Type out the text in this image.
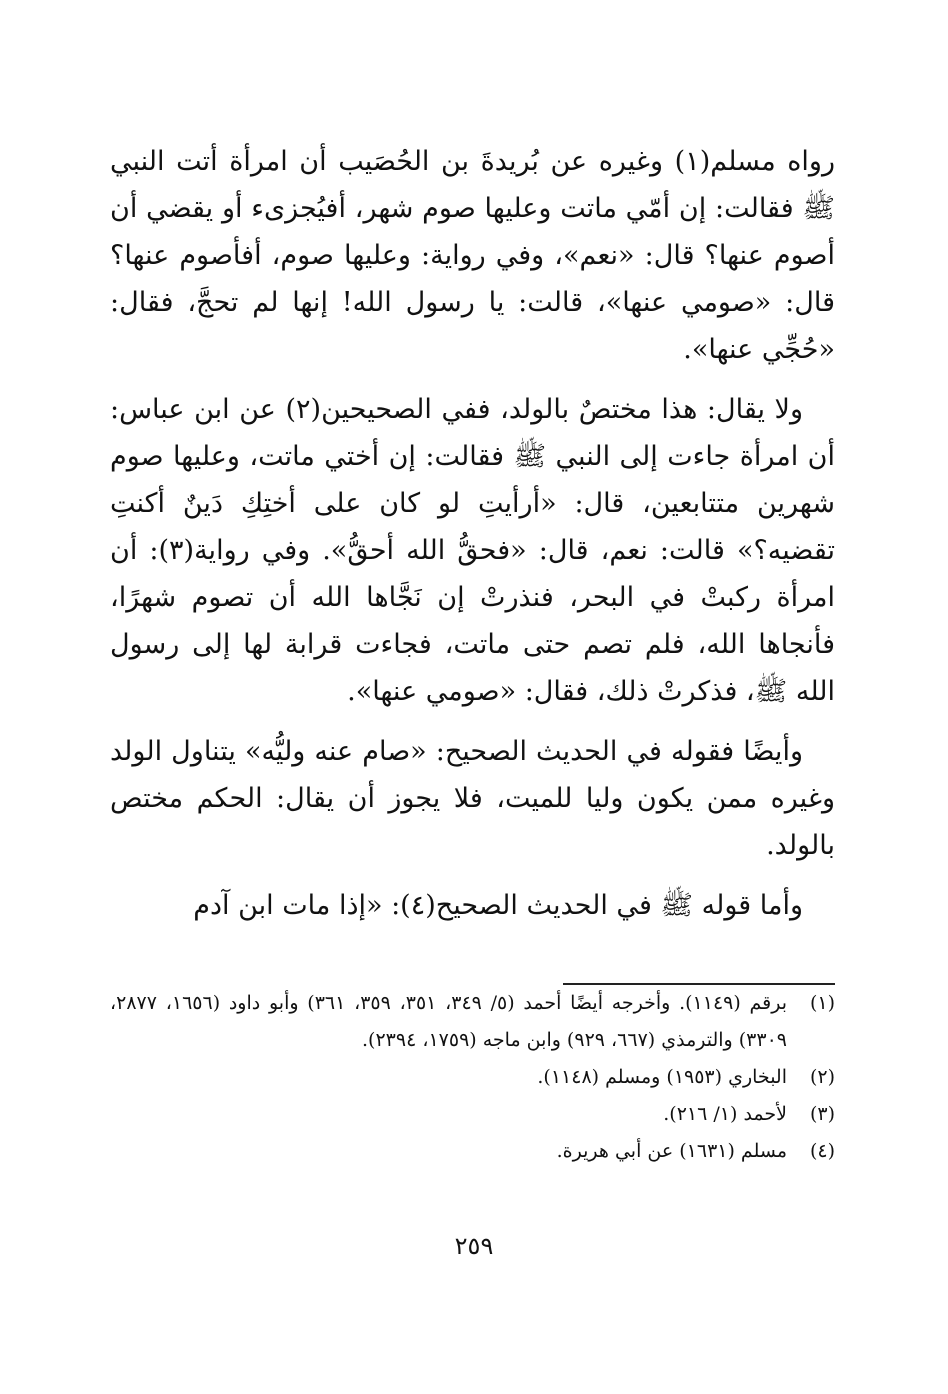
رواه مسلم(١) وغيره عن بُريدةَ بن الحُصَيب أن امرأة أتت النبي ﷺ فقالت: إن أمّي ماتت وعليها صوم شهر، أفيُجزىء أو يقضي أن أصوم عنها؟ قال: «نعم»، وفي رواية: وعليها صوم، أفأصوم عنها؟ قال: «صومي عنها»، قالت: يا رسول الله! إنها لم تحجَّ، فقال: «حُجِّي عنها».

ولا يقال: هذا مختصٌ بالولد، ففي الصحيحين(٢) عن ابن عباس: أن امرأة جاءت إلى النبي ﷺ فقالت: إن أختي ماتت، وعليها صوم شهرين متتابعين، قال: «أرأيتِ لو كان على أختِكِ دَينٌ أكنتِ تقضيه؟» قالت: نعم، قال: «فحقُّ الله أحقُّ». وفي رواية(٣): أن امرأة ركبتْ في البحر، فنذرتْ إن نَجَّاها الله أن تصوم شهرًا، فأنجاها الله، فلم تصم حتى ماتت، فجاءت قرابة لها إلى رسول الله ﷺ، فذكرتْ ذلك، فقال: «صومي عنها».

وأيضًا فقوله في الحديث الصحيح: «صام عنه وليُّه» يتناول الولد وغيره ممن يكون وليا للميت، فلا يجوز أن يقال: الحكم مختص بالولد.

وأما قوله ﷺ في الحديث الصحيح(٤): «إذا مات ابن آدم

(١)
برقم (١١٤٩). وأخرجه أيضًا أحمد (٥/ ٣٤٩، ٣٥١، ٣٥٩، ٣٦١) وأبو داود (١٦٥٦، ٢٨٧٧، ٣٣٠٩) والترمذي (٦٦٧، ٩٢٩) وابن ماجه (١٧٥٩، ٢٣٩٤).
(٢)
البخاري (١٩٥٣) ومسلم (١١٤٨).
(٣)
لأحمد (١/ ٢١٦).
(٤)
مسلم (١٦٣١) عن أبي هريرة.
٢٥٩
